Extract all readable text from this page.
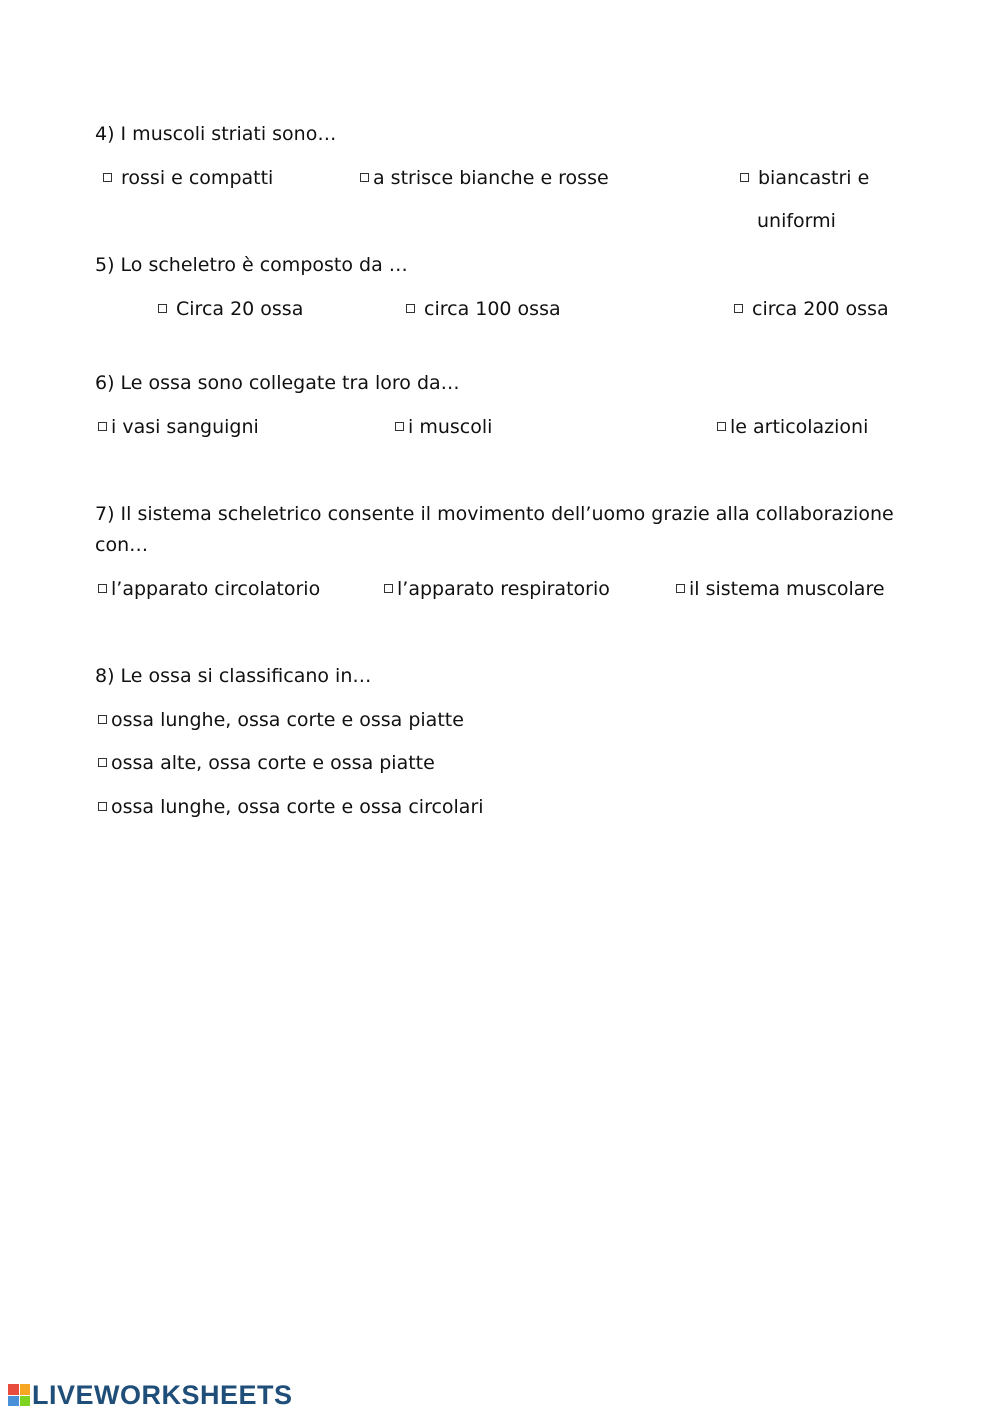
4) I muscoli striati sono…
rossi e compatti	a strisce bianche e rosse	biancastri e
uniformi
5) Lo scheletro è composto da …
Circa 20 ossa	circa 100 ossa	circa 200 ossa
6) Le ossa sono collegate tra loro da…
i vasi sanguigni	i muscoli	le articolazioni
7) Il sistema scheletrico consente il movimento dell’uomo grazie alla collaborazione
con…
l’apparato circolatorio	l’apparato respiratorio	il sistema muscolare
8) Le ossa si classificano in…
ossa lunghe, ossa corte e ossa piatte
ossa alte, ossa corte e ossa piatte
ossa lunghe, ossa corte e ossa circolari
LIVEWORKSHEETS
